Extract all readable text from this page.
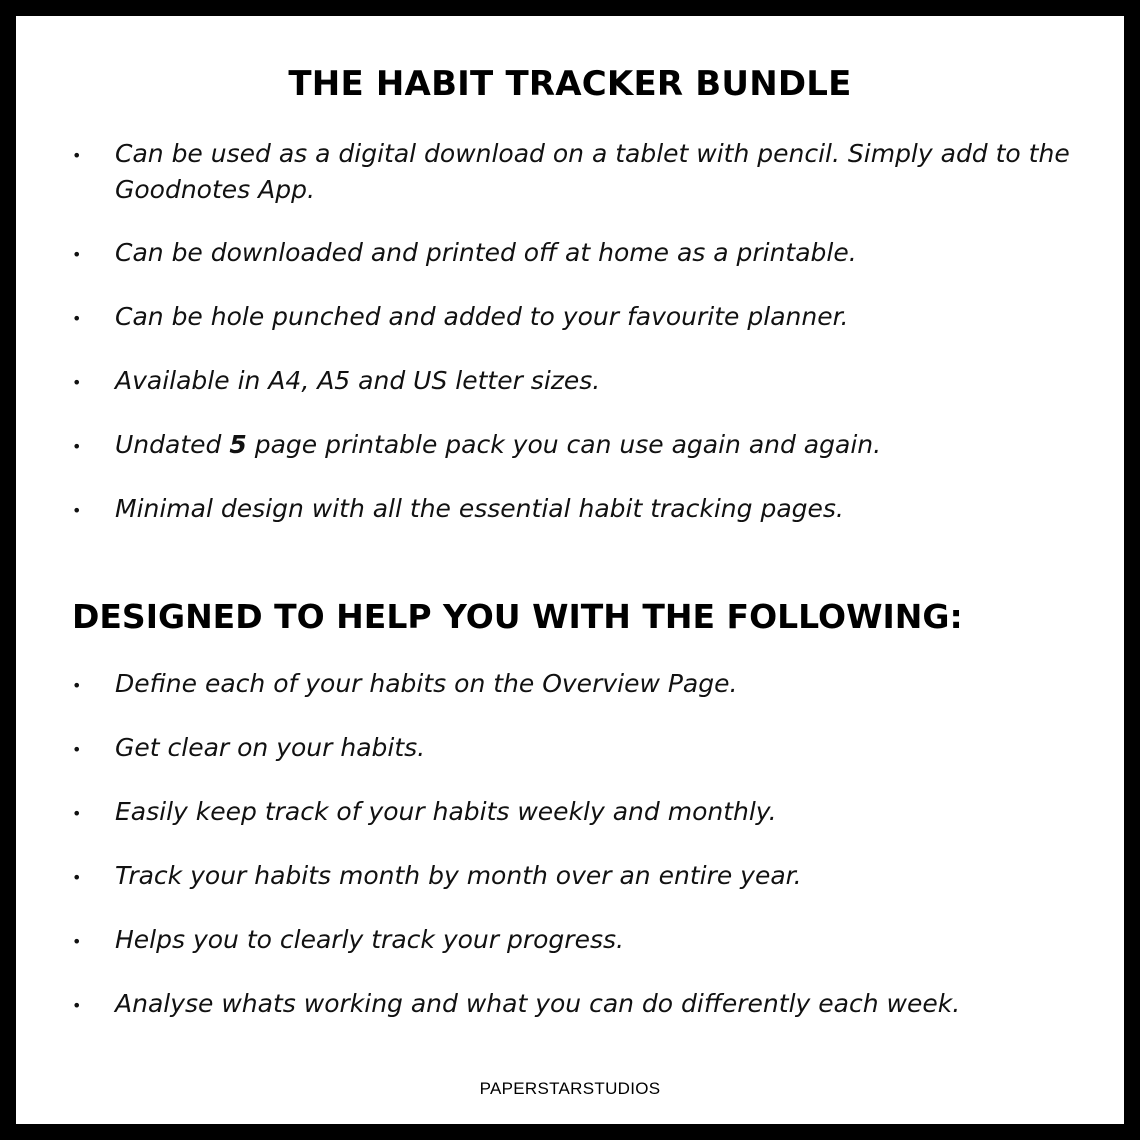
THE HABIT TRACKER BUNDLE
• Can be used as a digital download on a tablet with pencil. Simply add to the Goodnotes App.
• Can be downloaded and printed off at home as a printable.
• Can be hole punched and added to your favourite planner.
• Available in A4, A5 and US letter sizes.
• Undated 5 page printable pack you can use again and again.
• Minimal design with all the essential habit tracking pages.
DESIGNED TO HELP YOU WITH THE FOLLOWING:
• Define each of your habits on the Overview Page.
• Get clear on your habits.
• Easily keep track of your habits weekly and monthly.
• Track your habits month by month over an entire year.
• Helps you to clearly track your progress.
• Analyse whats working and what you can do differently each week.
PAPERSTARSTUDIOS
